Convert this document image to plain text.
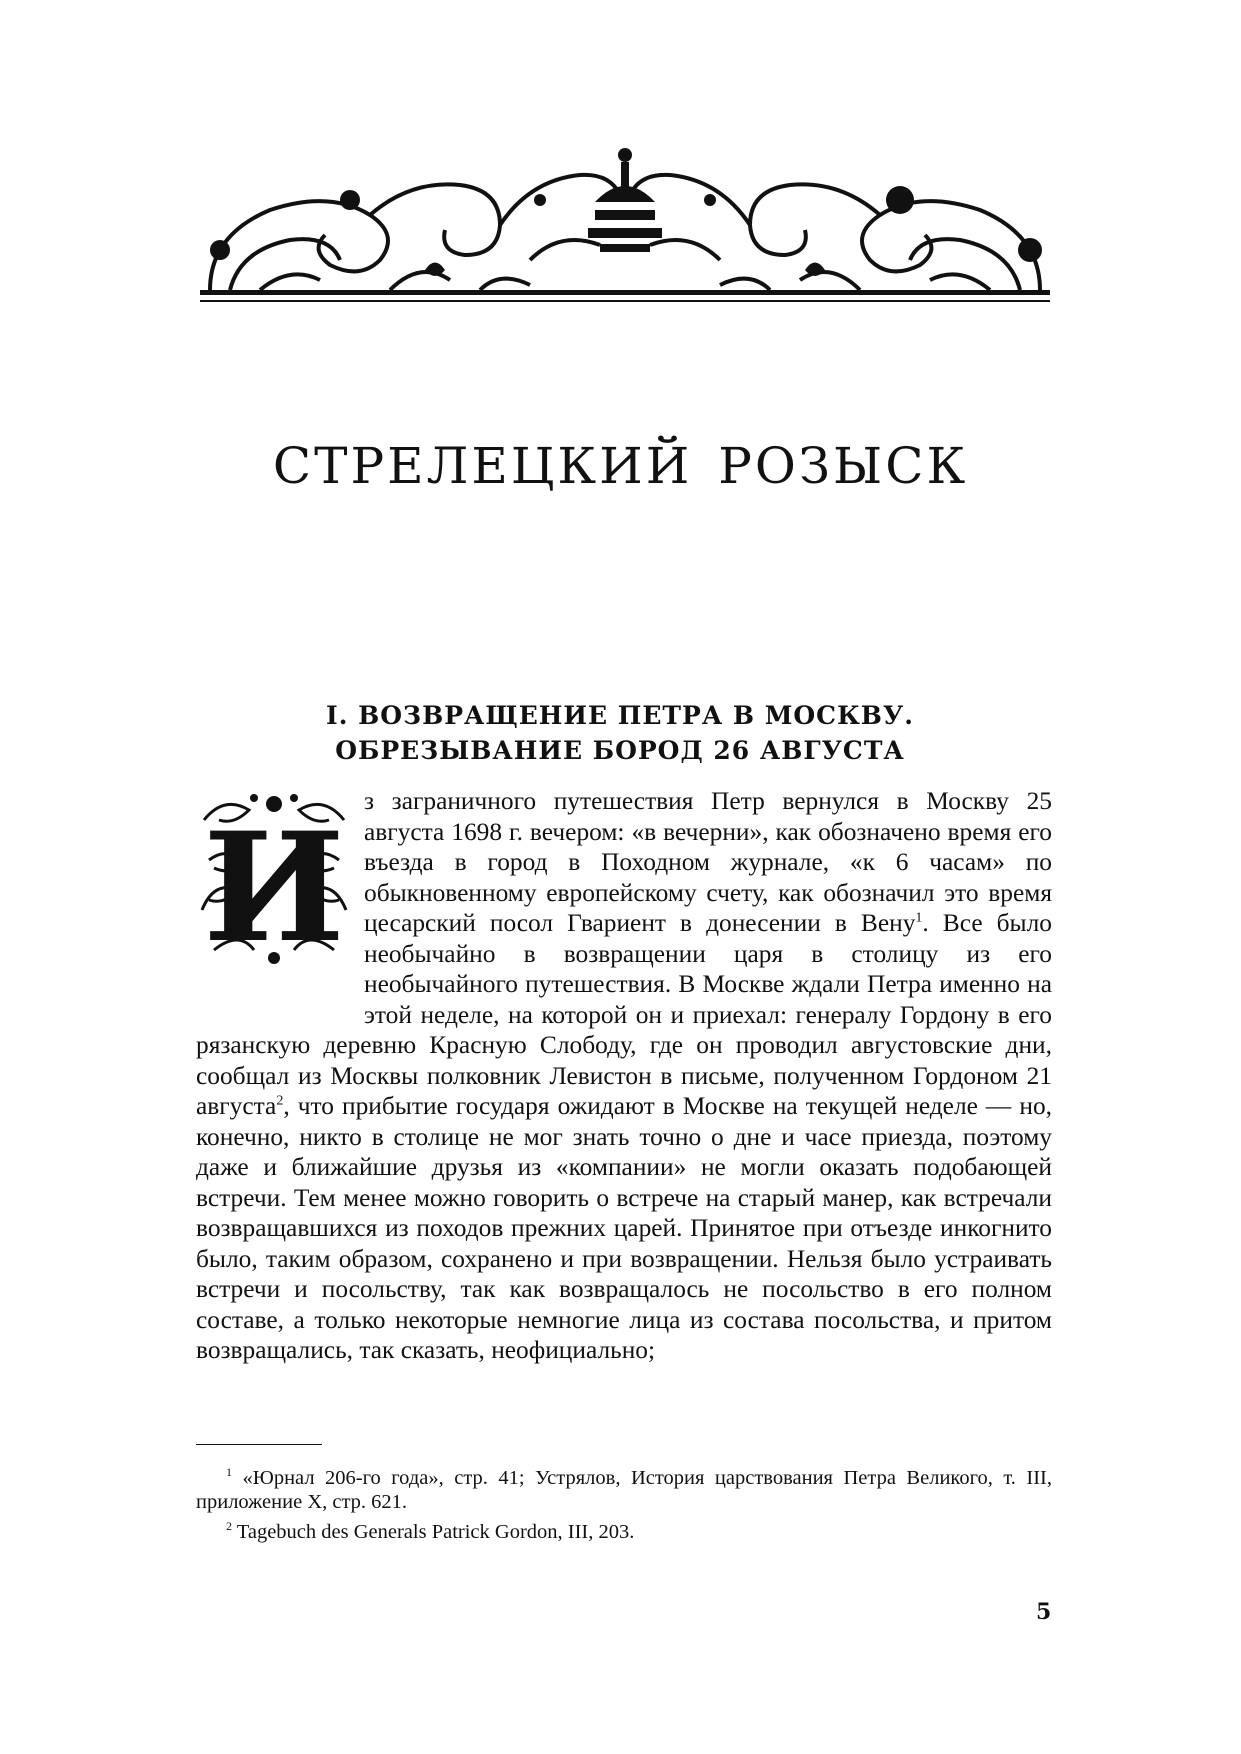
стрелецкий розыск
I. ВОЗВРАЩЕНИЕ ПЕТРА В МОСКВУ.
ОБРЕЗЫВАНИЕ БОРОД 26 АВГУСТА
И з заграничного путешествия Петр вернулся в Москву 25 августа 1698 г. вечером: «в вечерни», как обозначено время его въезда в город в Походном журнале, «к 6 часам» по обыкновенному европейскому счету, как обозначил это время цесарский посол Гвариент в донесении в Вену$^1$. Все было необычайно в возвращении царя в столицу из его необычайного путешествия. В Москве ждали Петра именно на этой неделе, на которой он и приехал: генералу Гордону в его рязанскую деревню Красную Слободу, где он проводил августовские дни, сообщал из Москвы полковник Левистон в письме, полученном Гордоном 21 августа$^2$, что прибытие государя ожидают в Москве на текущей неделе — но, конечно, никто в столице не мог знать точно о дне и часе приезда, поэтому даже и ближайшие друзья из «компании» не могли оказать подобающей встречи. Тем менее можно говорить о встрече на старый манер, как встречали возвращавшихся из походов прежних царей. Принятое при отъезде инкогнито было, таким образом, сохранено и при возвращении. Нельзя было устраивать встречи и посольству, так как возвращалось не посольство в его полном составе, а только некоторые немногие лица из состава посольства, и притом возвращались, так сказать, неофициально;

$^1$ «Юрнал 206-го года», стр. 41; Устрялов, История царствования Петра Великого, т. III, приложение X, стр. 621.

$^2$ Tagebuch des Generals Patrick Gordon, III, 203.

5
